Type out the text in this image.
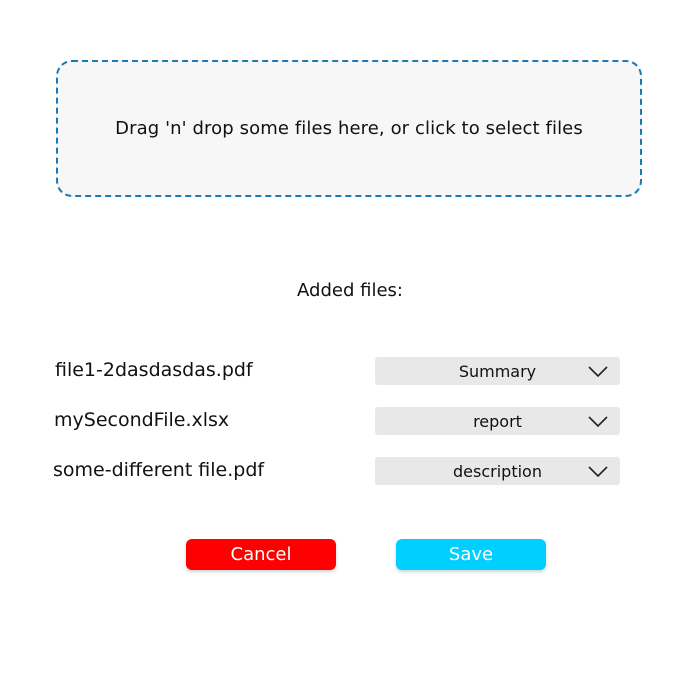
Drag 'n' drop some files here, or click to select files
Added files:
file1-2dasdasdas.pdf	Summary
mySecondFile.xlsx	report
some-different file.pdf	description
Cancel	Save
